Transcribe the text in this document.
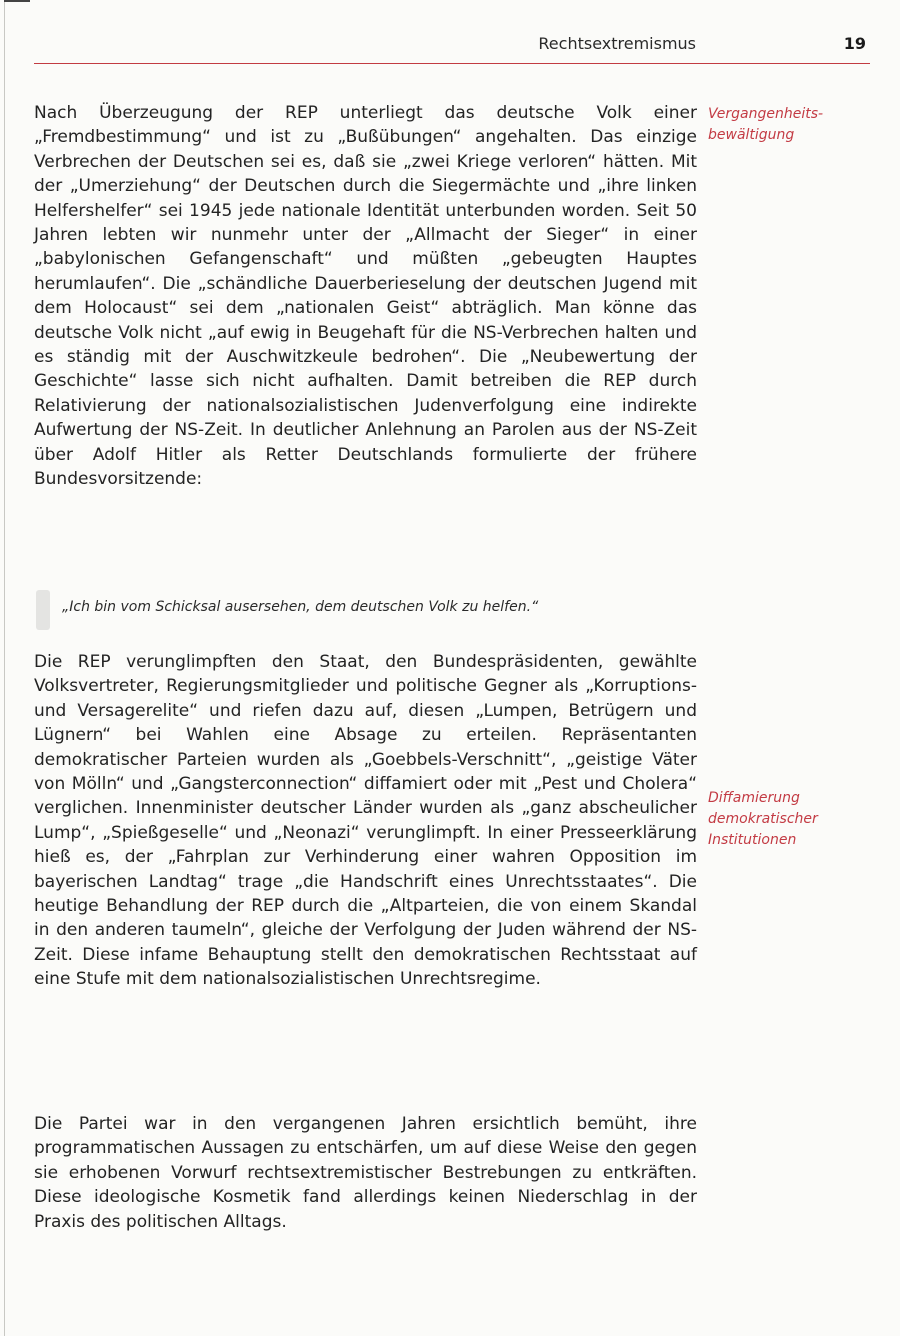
Rechtsextremismus	19

Nach Überzeugung der REP unterliegt das deutsche Volk einer „Fremdbestimmung“ und ist zu „Bußübungen“ angehalten. Das einzige Verbrechen der Deutschen sei es, daß sie „zwei Kriege verloren“ hätten. Mit der „Umerziehung“ der Deutschen durch die Siegermächte und „ihre linken Helfershelfer“ sei 1945 jede nationale Identität unterbunden worden. Seit 50 Jahren lebten wir nunmehr unter der „Allmacht der Sieger“ in einer „babylonischen Gefangenschaft“ und müßten „gebeugten Hauptes herumlaufen“. Die „schändliche Dauerberieselung der deutschen Jugend mit dem Holocaust“ sei dem „nationalen Geist“ abträglich. Man könne das deutsche Volk nicht „auf ewig in Beugehaft für die NS-Verbrechen halten und es ständig mit der Auschwitzkeule bedrohen“. Die „Neubewertung der Geschichte“ lasse sich nicht aufhalten. Damit betreiben die REP durch Relativierung der nationalsozialistischen Judenverfolgung eine indirekte Aufwertung der NS-Zeit. In deutlicher Anlehnung an Parolen aus der NS-Zeit über Adolf Hitler als Retter Deutschlands formulierte der frühere Bundesvorsitzende:

„Ich bin vom Schicksal ausersehen, dem deutschen Volk zu helfen.“

Die REP verunglimpften den Staat, den Bundespräsidenten, gewählte Volksvertreter, Regierungsmitglieder und politische Gegner als „Korruptions- und Versagerelite“ und riefen dazu auf, diesen „Lumpen, Betrügern und Lügnern“ bei Wahlen eine Absage zu erteilen. Repräsentanten demokratischer Parteien wurden als „Goebbels-Verschnitt“, „geistige Väter von Mölln“ und „Gangsterconnection“ diffamiert oder mit „Pest und Cholera“ verglichen. Innenminister deutscher Länder wurden als „ganz abscheulicher Lump“, „Spießgeselle“ und „Neonazi“ verunglimpft. In einer Presseerklärung hieß es, der „Fahrplan zur Verhinderung einer wahren Opposition im bayerischen Landtag“ trage „die Handschrift eines Unrechtsstaates“. Die heutige Behandlung der REP durch die „Altparteien, die von einem Skandal in den anderen taumeln“, gleiche der Verfolgung der Juden während der NS-Zeit. Diese infame Behauptung stellt den demokratischen Rechtsstaat auf eine Stufe mit dem nationalsozialistischen Unrechtsregime.

Die Partei war in den vergangenen Jahren ersichtlich bemüht, ihre programmatischen Aussagen zu entschärfen, um auf diese Weise den gegen sie erhobenen Vorwurf rechtsextremistischer Bestrebungen zu entkräften. Diese ideologische Kosmetik fand allerdings keinen Niederschlag in der Praxis des politischen Alltags.

Vergangenheits-
bewältigung

Diffamierung
demokratischer
Institutionen
